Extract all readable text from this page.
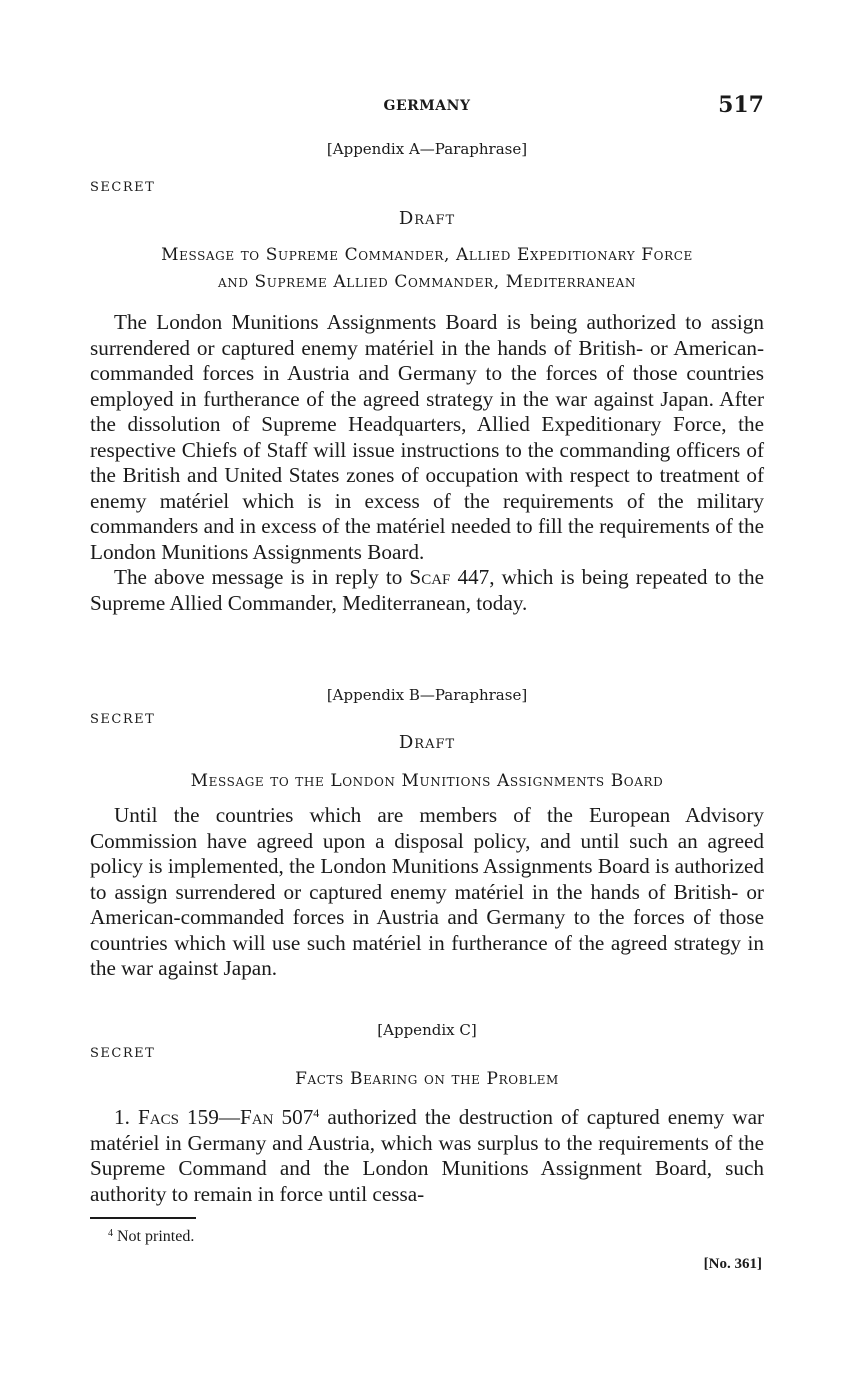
GERMANY	517
[Appendix A—Paraphrase]
SECRET
Draft
Message to Supreme Commander, Allied Expeditionary Force
and Supreme Allied Commander, Mediterranean

The London Munitions Assignments Board is being authorized to assign surrendered or captured enemy matériel in the hands of British- or American-commanded forces in Austria and Germany to the forces of those countries employed in furtherance of the agreed strategy in the war against Japan. After the dissolution of Supreme Headquarters, Allied Expeditionary Force, the respective Chiefs of Staff will issue instructions to the commanding officers of the British and United States zones of occupation with respect to treatment of enemy matériel which is in excess of the requirements of the military commanders and in excess of the matériel needed to fill the requirements of the London Munitions Assignments Board.

The above message is in reply to Scaf 447, which is being repeated to the Supreme Allied Commander, Mediterranean, today.

[Appendix B—Paraphrase]
SECRET
Draft
Message to the London Munitions Assignments Board

Until the countries which are members of the European Advisory Commission have agreed upon a disposal policy, and until such an agreed policy is implemented, the London Munitions Assignments Board is authorized to assign surrendered or captured enemy matériel in the hands of British- or American-commanded forces in Austria and Germany to the forces of those countries which will use such matériel in furtherance of the agreed strategy in the war against Japan.

[Appendix C]
SECRET
Facts Bearing on the Problem

1. Facs 159—Fan $507^4$ authorized the destruction of captured enemy war matériel in Germany and Austria, which was surplus to the requirements of the Supreme Command and the London Munitions Assignment Board, such authority to remain in force until cessa-

$^4$ Not printed.
[No. 361]
